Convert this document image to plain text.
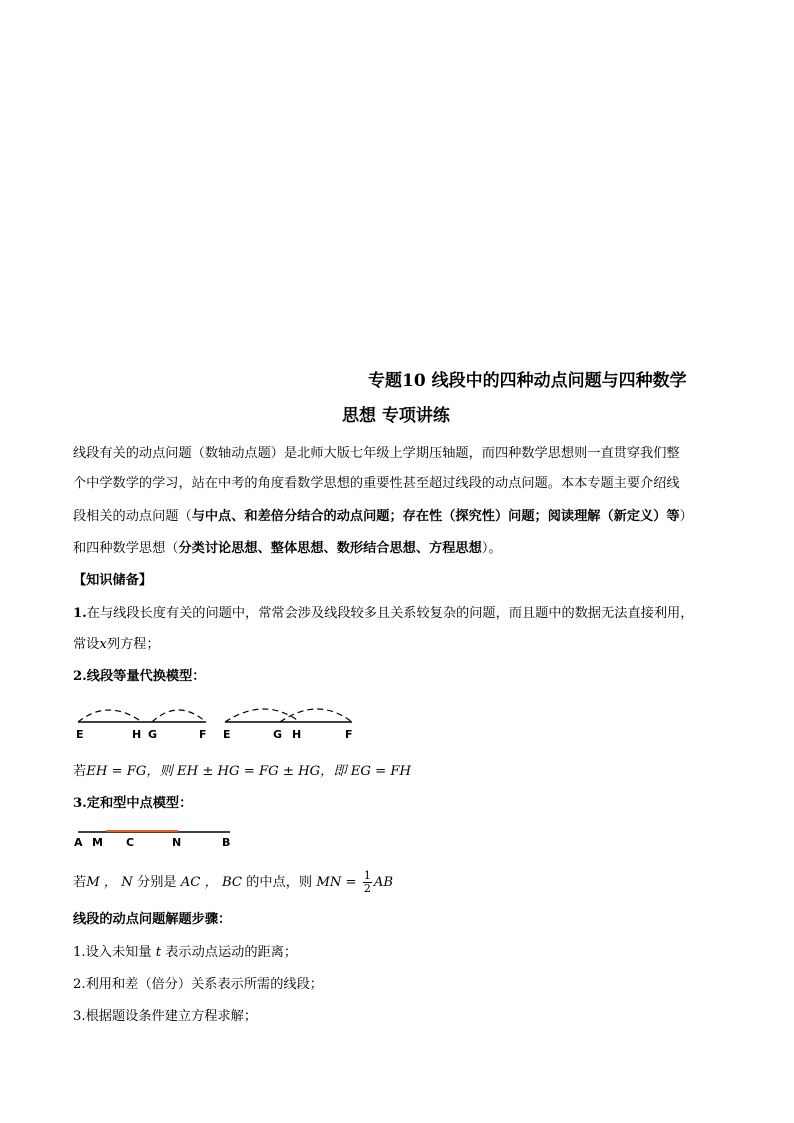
专题10 线段中的四种动点问题与四种数学
思想 专项讲练
线段有关的动点问题（数轴动点题）是北师大版七年级上学期压轴题，而四种数学思想则一直贯穿我们整
个中学数学的学习，站在中考的角度看数学思想的重要性甚至超过线段的动点问题。本本专题主要介绍线
段相关的动点问题（与中点、和差倍分结合的动点问题；存在性（探究性）问题；阅读理解（新定义）等）
和四种数学思想（分类讨论思想、整体思想、数形结合思想、方程思想）。
【知识储备】
1.在与线段长度有关的问题中，常常会涉及线段较多且关系较复杂的问题，而且题中的数据无法直接利用，
常设x列方程；
2.线段等量代换模型：
E	H G	F E	G H	F
若EH = FG，则 EH ± HG = FG ± HG，即 EG = FH
3.定和型中点模型：
A M C	N	B
若M ， N 分别是 AC ， BC 的中点，则 MN = $\frac{1}{2}$ AB
线段的动点问题解题步骤：
1.设入未知量 t 表示动点运动的距离；
2.利用和差（倍分）关系表示所需的线段；
3.根据题设条件建立方程求解；
